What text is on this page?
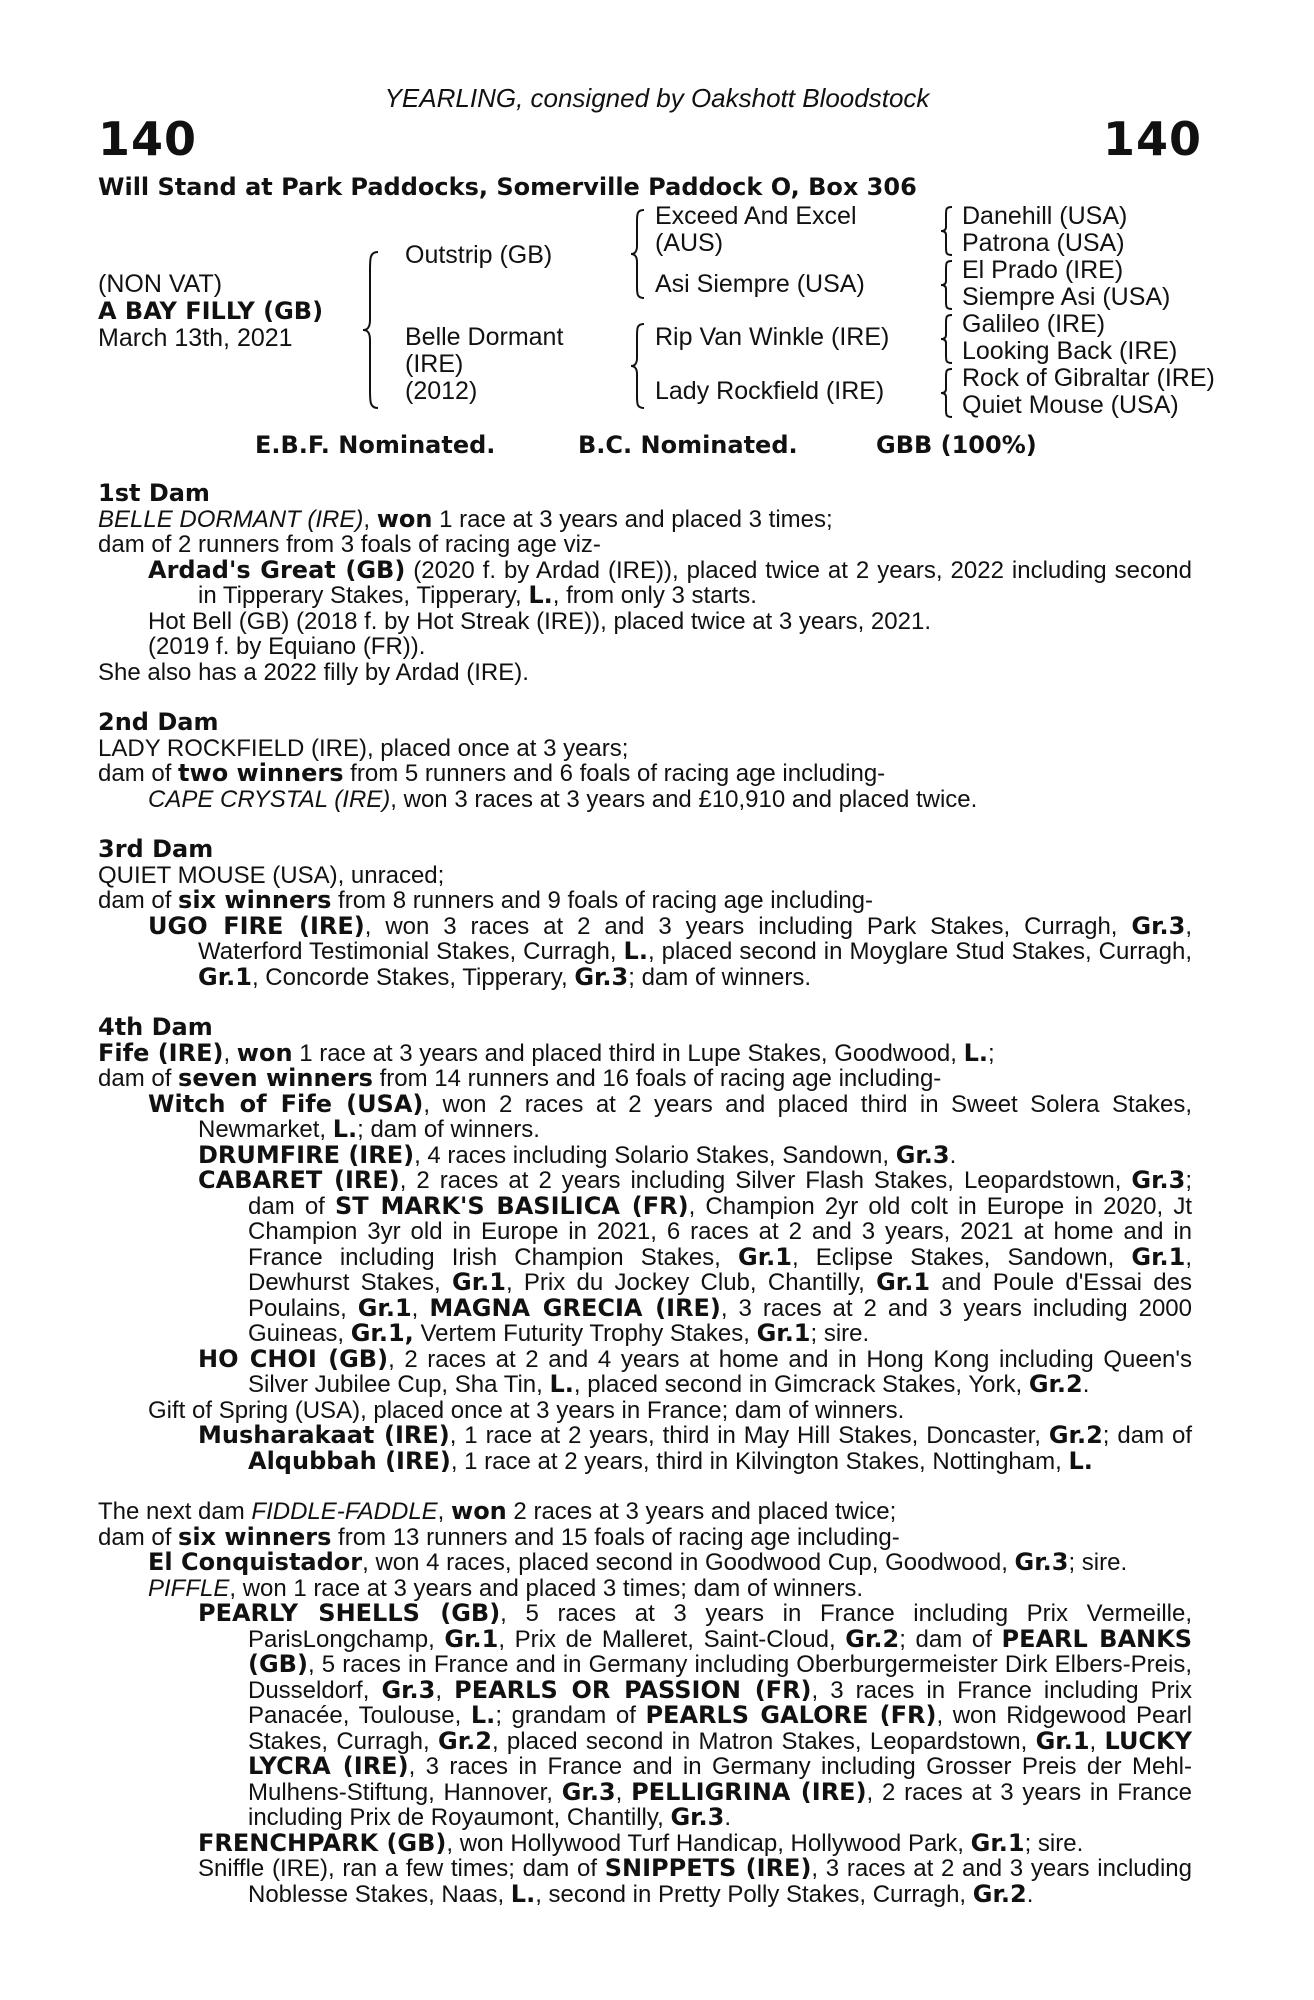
YEARLING, consigned by Oakshott Bloodstock
140	140
Will Stand at Park Paddocks, Somerville Paddock O, Box 306
(NON VAT)
A BAY FILLY (GB)
March 13th, 2021
Outstrip (GB)
Belle Dormant
(IRE)
(2012)
Exceed And Excel
(AUS)
Asi Siempre (USA)
Rip Van Winkle (IRE)
Lady Rockfield (IRE)
Danehill (USA)
Patrona (USA)
El Prado (IRE)
Siempre Asi (USA)
Galileo (IRE)
Looking Back (IRE)
Rock of Gibraltar (IRE)
Quiet Mouse (USA)
E.B.F. Nominated.	B.C. Nominated.	GBB (100%)
1st Dam
BELLE DORMANT (IRE), won 1 race at 3 years and placed 3 times;
dam of 2 runners from 3 foals of racing age viz-
Ardad's Great (GB) (2020 f. by Ardad (IRE)), placed twice at 2 years, 2022 including second in Tipperary Stakes, Tipperary, L., from only 3 starts.
Hot Bell (GB) (2018 f. by Hot Streak (IRE)), placed twice at 3 years, 2021.
(2019 f. by Equiano (FR)).
She also has a 2022 filly by Ardad (IRE).
2nd Dam
LADY ROCKFIELD (IRE), placed once at 3 years;
dam of two winners from 5 runners and 6 foals of racing age including-
CAPE CRYSTAL (IRE), won 3 races at 3 years and £10,910 and placed twice.
3rd Dam
QUIET MOUSE (USA), unraced;
dam of six winners from 8 runners and 9 foals of racing age including-
UGO FIRE (IRE), won 3 races at 2 and 3 years including Park Stakes, Curragh, Gr.3, Waterford Testimonial Stakes, Curragh, L., placed second in Moyglare Stud Stakes, Curragh, Gr.1, Concorde Stakes, Tipperary, Gr.3; dam of winners.
4th Dam
Fife (IRE), won 1 race at 3 years and placed third in Lupe Stakes, Goodwood, L.;
dam of seven winners from 14 runners and 16 foals of racing age including-
Witch of Fife (USA), won 2 races at 2 years and placed third in Sweet Solera Stakes, Newmarket, L.; dam of winners.
DRUMFIRE (IRE), 4 races including Solario Stakes, Sandown, Gr.3.
CABARET (IRE), 2 races at 2 years including Silver Flash Stakes, Leopardstown, Gr.3; dam of ST MARK'S BASILICA (FR), Champion 2yr old colt in Europe in 2020, Jt Champion 3yr old in Europe in 2021, 6 races at 2 and 3 years, 2021 at home and in France including Irish Champion Stakes, Gr.1, Eclipse Stakes, Sandown, Gr.1, Dewhurst Stakes, Gr.1, Prix du Jockey Club, Chantilly, Gr.1 and Poule d'Essai des Poulains, Gr.1, MAGNA GRECIA (IRE), 3 races at 2 and 3 years including 2000 Guineas, Gr.1, Vertem Futurity Trophy Stakes, Gr.1; sire.
HO CHOI (GB), 2 races at 2 and 4 years at home and in Hong Kong including Queen's Silver Jubilee Cup, Sha Tin, L., placed second in Gimcrack Stakes, York, Gr.2.
Gift of Spring (USA), placed once at 3 years in France; dam of winners.
Musharakaat (IRE), 1 race at 2 years, third in May Hill Stakes, Doncaster, Gr.2; dam of Alqubbah (IRE), 1 race at 2 years, third in Kilvington Stakes, Nottingham, L.
The next dam FIDDLE-FADDLE, won 2 races at 3 years and placed twice;
dam of six winners from 13 runners and 15 foals of racing age including-
El Conquistador, won 4 races, placed second in Goodwood Cup, Goodwood, Gr.3; sire.
PIFFLE, won 1 race at 3 years and placed 3 times; dam of winners.
PEARLY SHELLS (GB), 5 races at 3 years in France including Prix Vermeille, ParisLongchamp, Gr.1, Prix de Malleret, Saint-Cloud, Gr.2; dam of PEARL BANKS (GB), 5 races in France and in Germany including Oberburgermeister Dirk Elbers-Preis, Dusseldorf, Gr.3, PEARLS OR PASSION (FR), 3 races in France including Prix Panacée, Toulouse, L.; grandam of PEARLS GALORE (FR), won Ridgewood Pearl Stakes, Curragh, Gr.2, placed second in Matron Stakes, Leopardstown, Gr.1, LUCKY LYCRA (IRE), 3 races in France and in Germany including Grosser Preis der Mehl-Mulhens-Stiftung, Hannover, Gr.3, PELLIGRINA (IRE), 2 races at 3 years in France including Prix de Royaumont, Chantilly, Gr.3.
FRENCHPARK (GB), won Hollywood Turf Handicap, Hollywood Park, Gr.1; sire.
Sniffle (IRE), ran a few times; dam of SNIPPETS (IRE), 3 races at 2 and 3 years including Noblesse Stakes, Naas, L., second in Pretty Polly Stakes, Curragh, Gr.2.
